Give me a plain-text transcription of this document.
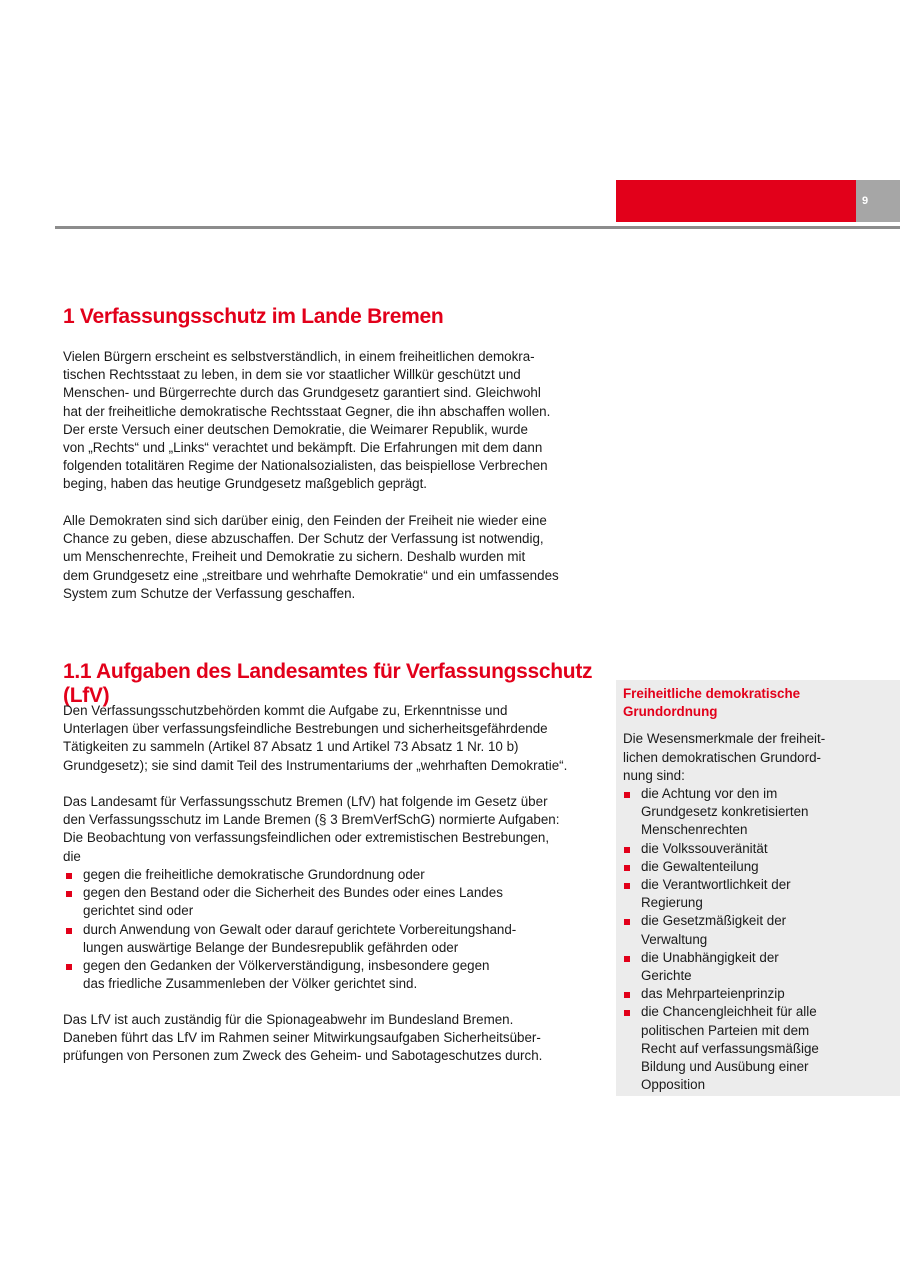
9
1 Verfassungsschutz im Lande Bremen

Vielen Bürgern erscheint es selbstverständlich, in einem freiheitlichen demokra-
tischen Rechtsstaat zu leben, in dem sie vor staatlicher Willkür geschützt und
Menschen- und Bürgerrechte durch das Grundgesetz garantiert sind. Gleichwohl
hat der freiheitliche demokratische Rechtsstaat Gegner, die ihn abschaffen wollen.
Der erste Versuch einer deutschen Demokratie, die Weimarer Republik, wurde
von „Rechts“ und „Links“ verachtet und bekämpft. Die Erfahrungen mit dem dann
folgenden totalitären Regime der Nationalsozialisten, das beispiellose Verbrechen
beging, haben das heutige Grundgesetz maßgeblich geprägt.

Alle Demokraten sind sich darüber einig, den Feinden der Freiheit nie wieder eine
Chance zu geben, diese abzuschaffen. Der Schutz der Verfassung ist notwendig,
um Menschenrechte, Freiheit und Demokratie zu sichern. Deshalb wurden mit
dem Grundgesetz eine „streitbare und wehrhafte Demokratie“ und ein umfassendes
System zum Schutze der Verfassung geschaffen.

1.1 Aufgaben des Landesamtes für Verfassungsschutz (LfV)

Den Verfassungsschutzbehörden kommt die Aufgabe zu, Erkenntnisse und
Unterlagen über verfassungsfeindliche Bestrebungen und sicherheitsgefährdende
Tätigkeiten zu sammeln (Artikel 87 Absatz 1 und Artikel 73 Absatz 1 Nr. 10 b)
Grundgesetz); sie sind damit Teil des Instrumentariums der „wehrhaften Demokratie“.

Das Landesamt für Verfassungsschutz Bremen (LfV) hat folgende im Gesetz über
den Verfassungsschutz im Lande Bremen (§ 3 BremVerfSchG) normierte Aufgaben:
Die Beobachtung von verfassungsfeindlichen oder extremistischen Bestrebungen,
die

gegen die freiheitliche demokratische Grundordnung oder
gegen den Bestand oder die Sicherheit des Bundes oder eines Landes
gerichtet sind oder
durch Anwendung von Gewalt oder darauf gerichtete Vorbereitungshand-
lungen auswärtige Belange der Bundesrepublik gefährden oder
gegen den Gedanken der Völkerverständigung, insbesondere gegen
das friedliche Zusammenleben der Völker gerichtet sind.

Das LfV ist auch zuständig für die Spionageabwehr im Bundesland Bremen.
Daneben führt das LfV im Rahmen seiner Mitwirkungsaufgaben Sicherheitsüber-
prüfungen von Personen zum Zweck des Geheim- und Sabotageschutzes durch.

Freiheitliche demokratische
Grundordnung

Die Wesensmerkmale der freiheit-
lichen demokratischen Grundord-
nung sind:

die Achtung vor den im
Grundgesetz konkretisierten
Menschenrechten
die Volkssouveränität
die Gewaltenteilung
die Verantwortlichkeit der
Regierung
die Gesetzmäßigkeit der
Verwaltung
die Unabhängigkeit der
Gerichte
das Mehrparteienprinzip
die Chancengleichheit für alle
politischen Parteien mit dem
Recht auf verfassungsmäßige
Bildung und Ausübung einer
Opposition
